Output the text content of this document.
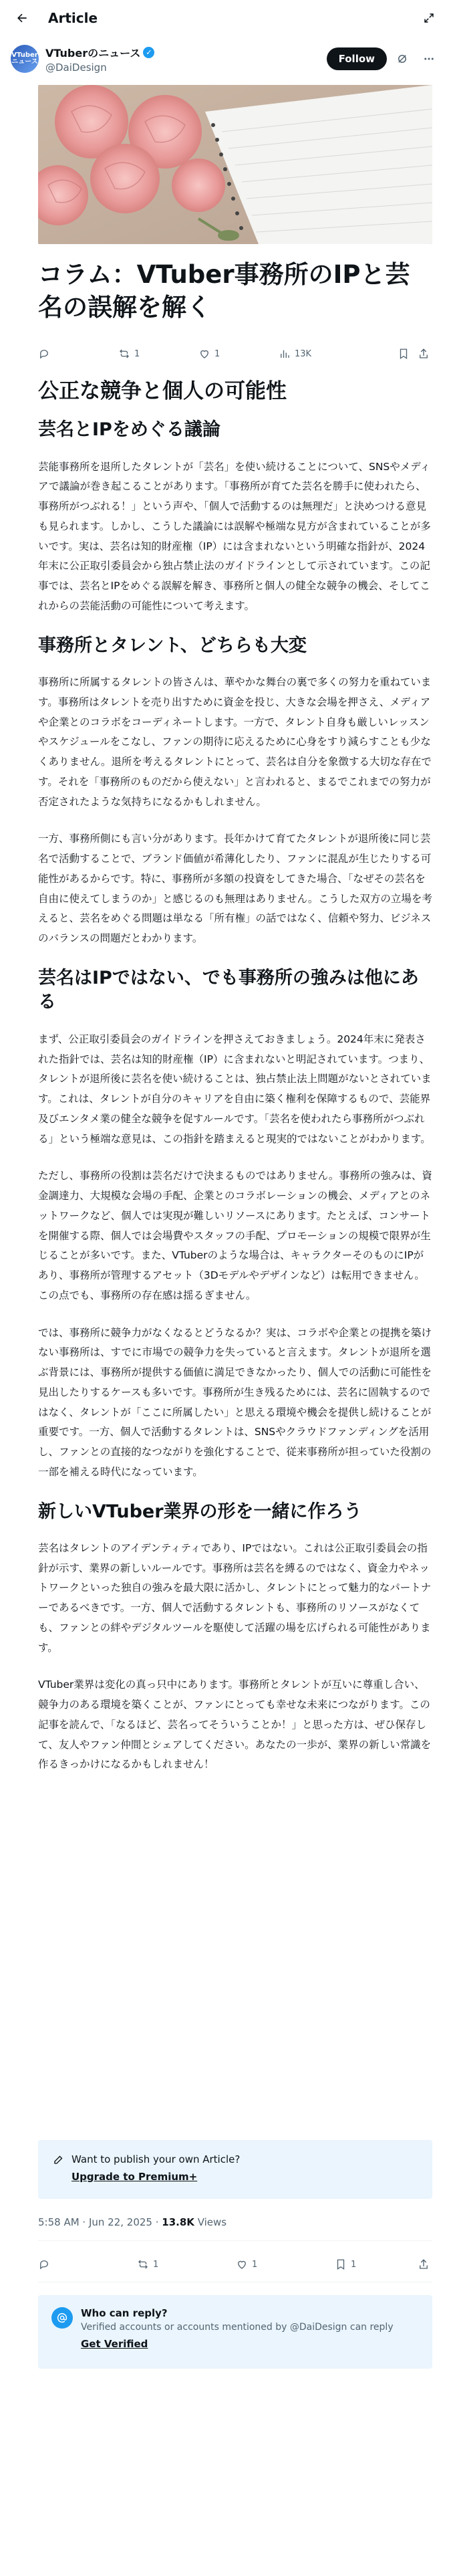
Article
VTuber ニュース
VTuberのニュース ✓
@DaiDesign
Follow
コラム：VTuber事務所のIPと芸名の誤解を解く
1	1	13K
公正な競争と個人の可能性
芸名とIPをめぐる議論

芸能事務所を退所したタレントが「芸名」を使い続けることについて、SNSやメディアで議論が巻き起こることがあります。「事務所が育てた芸名を勝手に使われたら、事務所がつぶれる！」という声や、「個人で活動するのは無理だ」と決めつける意見も見られます。しかし、こうした議論には誤解や極端な見方が含まれていることが多いです。実は、芸名は知的財産権（IP）には含まれないという明確な指針が、2024年末に公正取引委員会から独占禁止法のガイドラインとして示されています。この記事では、芸名とIPをめぐる誤解を解き、事務所と個人の健全な競争の機会、そしてこれからの芸能活動の可能性について考えます。

事務所とタレント、どちらも大変

事務所に所属するタレントの皆さんは、華やかな舞台の裏で多くの努力を重ねています。事務所はタレントを売り出すために資金を投じ、大きな会場を押さえ、メディアや企業とのコラボをコーディネートします。一方で、タレント自身も厳しいレッスンやスケジュールをこなし、ファンの期待に応えるために心身をすり減らすことも少なくありません。退所を考えるタレントにとって、芸名は自分を象徴する大切な存在です。それを「事務所のものだから使えない」と言われると、まるでこれまでの努力が否定されたような気持ちになるかもしれません。

一方、事務所側にも言い分があります。長年かけて育てたタレントが退所後に同じ芸名で活動することで、ブランド価値が希薄化したり、ファンに混乱が生じたりする可能性があるからです。特に、事務所が多額の投資をしてきた場合、「なぜその芸名を自由に使えてしまうのか」と感じるのも無理はありません。こうした双方の立場を考えると、芸名をめぐる問題は単なる「所有権」の話ではなく、信頼や努力、ビジネスのバランスの問題だとわかります。

芸名はIPではない、でも事務所の強みは他にある

まず、公正取引委員会のガイドラインを押さえておきましょう。2024年末に発表された指針では、芸名は知的財産権（IP）に含まれないと明記されています。つまり、タレントが退所後に芸名を使い続けることは、独占禁止法上問題がないとされています。これは、タレントが自分のキャリアを自由に築く権利を保障するもので、芸能界及びエンタメ業の健全な競争を促すルールです。「芸名を使われたら事務所がつぶれる」という極端な意見は、この指針を踏まえると現実的ではないことがわかります。

ただし、事務所の役割は芸名だけで決まるものではありません。事務所の強みは、資金調達力、大規模な会場の手配、企業とのコラボレーションの機会、メディアとのネットワークなど、個人では実現が難しいリソースにあります。たとえば、コンサートを開催する際、個人では会場費やスタッフの手配、プロモーションの規模で限界が生じることが多いです。また、VTuberのような場合は、キャラクターそのものにIPがあり、事務所が管理するアセット（3Dモデルやデザインなど）は転用できません。この点でも、事務所の存在感は揺るぎません。

では、事務所に競争力がなくなるとどうなるか？実は、コラボや企業との提携を築けない事務所は、すでに市場での競争力を失っていると言えます。タレントが退所を選ぶ背景には、事務所が提供する価値に満足できなかったり、個人での活動に可能性を見出したりするケースも多いです。事務所が生き残るためには、芸名に固執するのではなく、タレントが「ここに所属したい」と思える環境や機会を提供し続けることが重要です。一方、個人で活動するタレントは、SNSやクラウドファンディングを活用し、ファンとの直接的なつながりを強化することで、従来事務所が担っていた役割の一部を補える時代になっています。

新しいVTuber業界の形を一緒に作ろう

芸名はタレントのアイデンティティであり、IPではない。これは公正取引委員会の指針が示す、業界の新しいルールです。事務所は芸名を縛るのではなく、資金力やネットワークといった独自の強みを最大限に活かし、タレントにとって魅力的なパートナーであるべきです。一方、個人で活動するタレントも、事務所のリソースがなくても、ファンとの絆やデジタルツールを駆使して活躍の場を広げられる可能性があります。

VTuber業界は変化の真っ只中にあります。事務所とタレントが互いに尊重し合い、競争力のある環境を築くことが、ファンにとっても幸せな未来につながります。この記事を読んで、「なるほど、芸名ってそういうことか！」と思った方は、ぜひ保存して、友人やファン仲間とシェアしてください。あなたの一歩が、業界の新しい常識を作るきっかけになるかもしれません！

Want to publish your own Article?
Upgrade to Premium+
5:58 AM · Jun 22, 2025 · 13.8K Views
1	1	1
Who can reply?
Verified accounts or accounts mentioned by @DaiDesign can reply
Get Verified
